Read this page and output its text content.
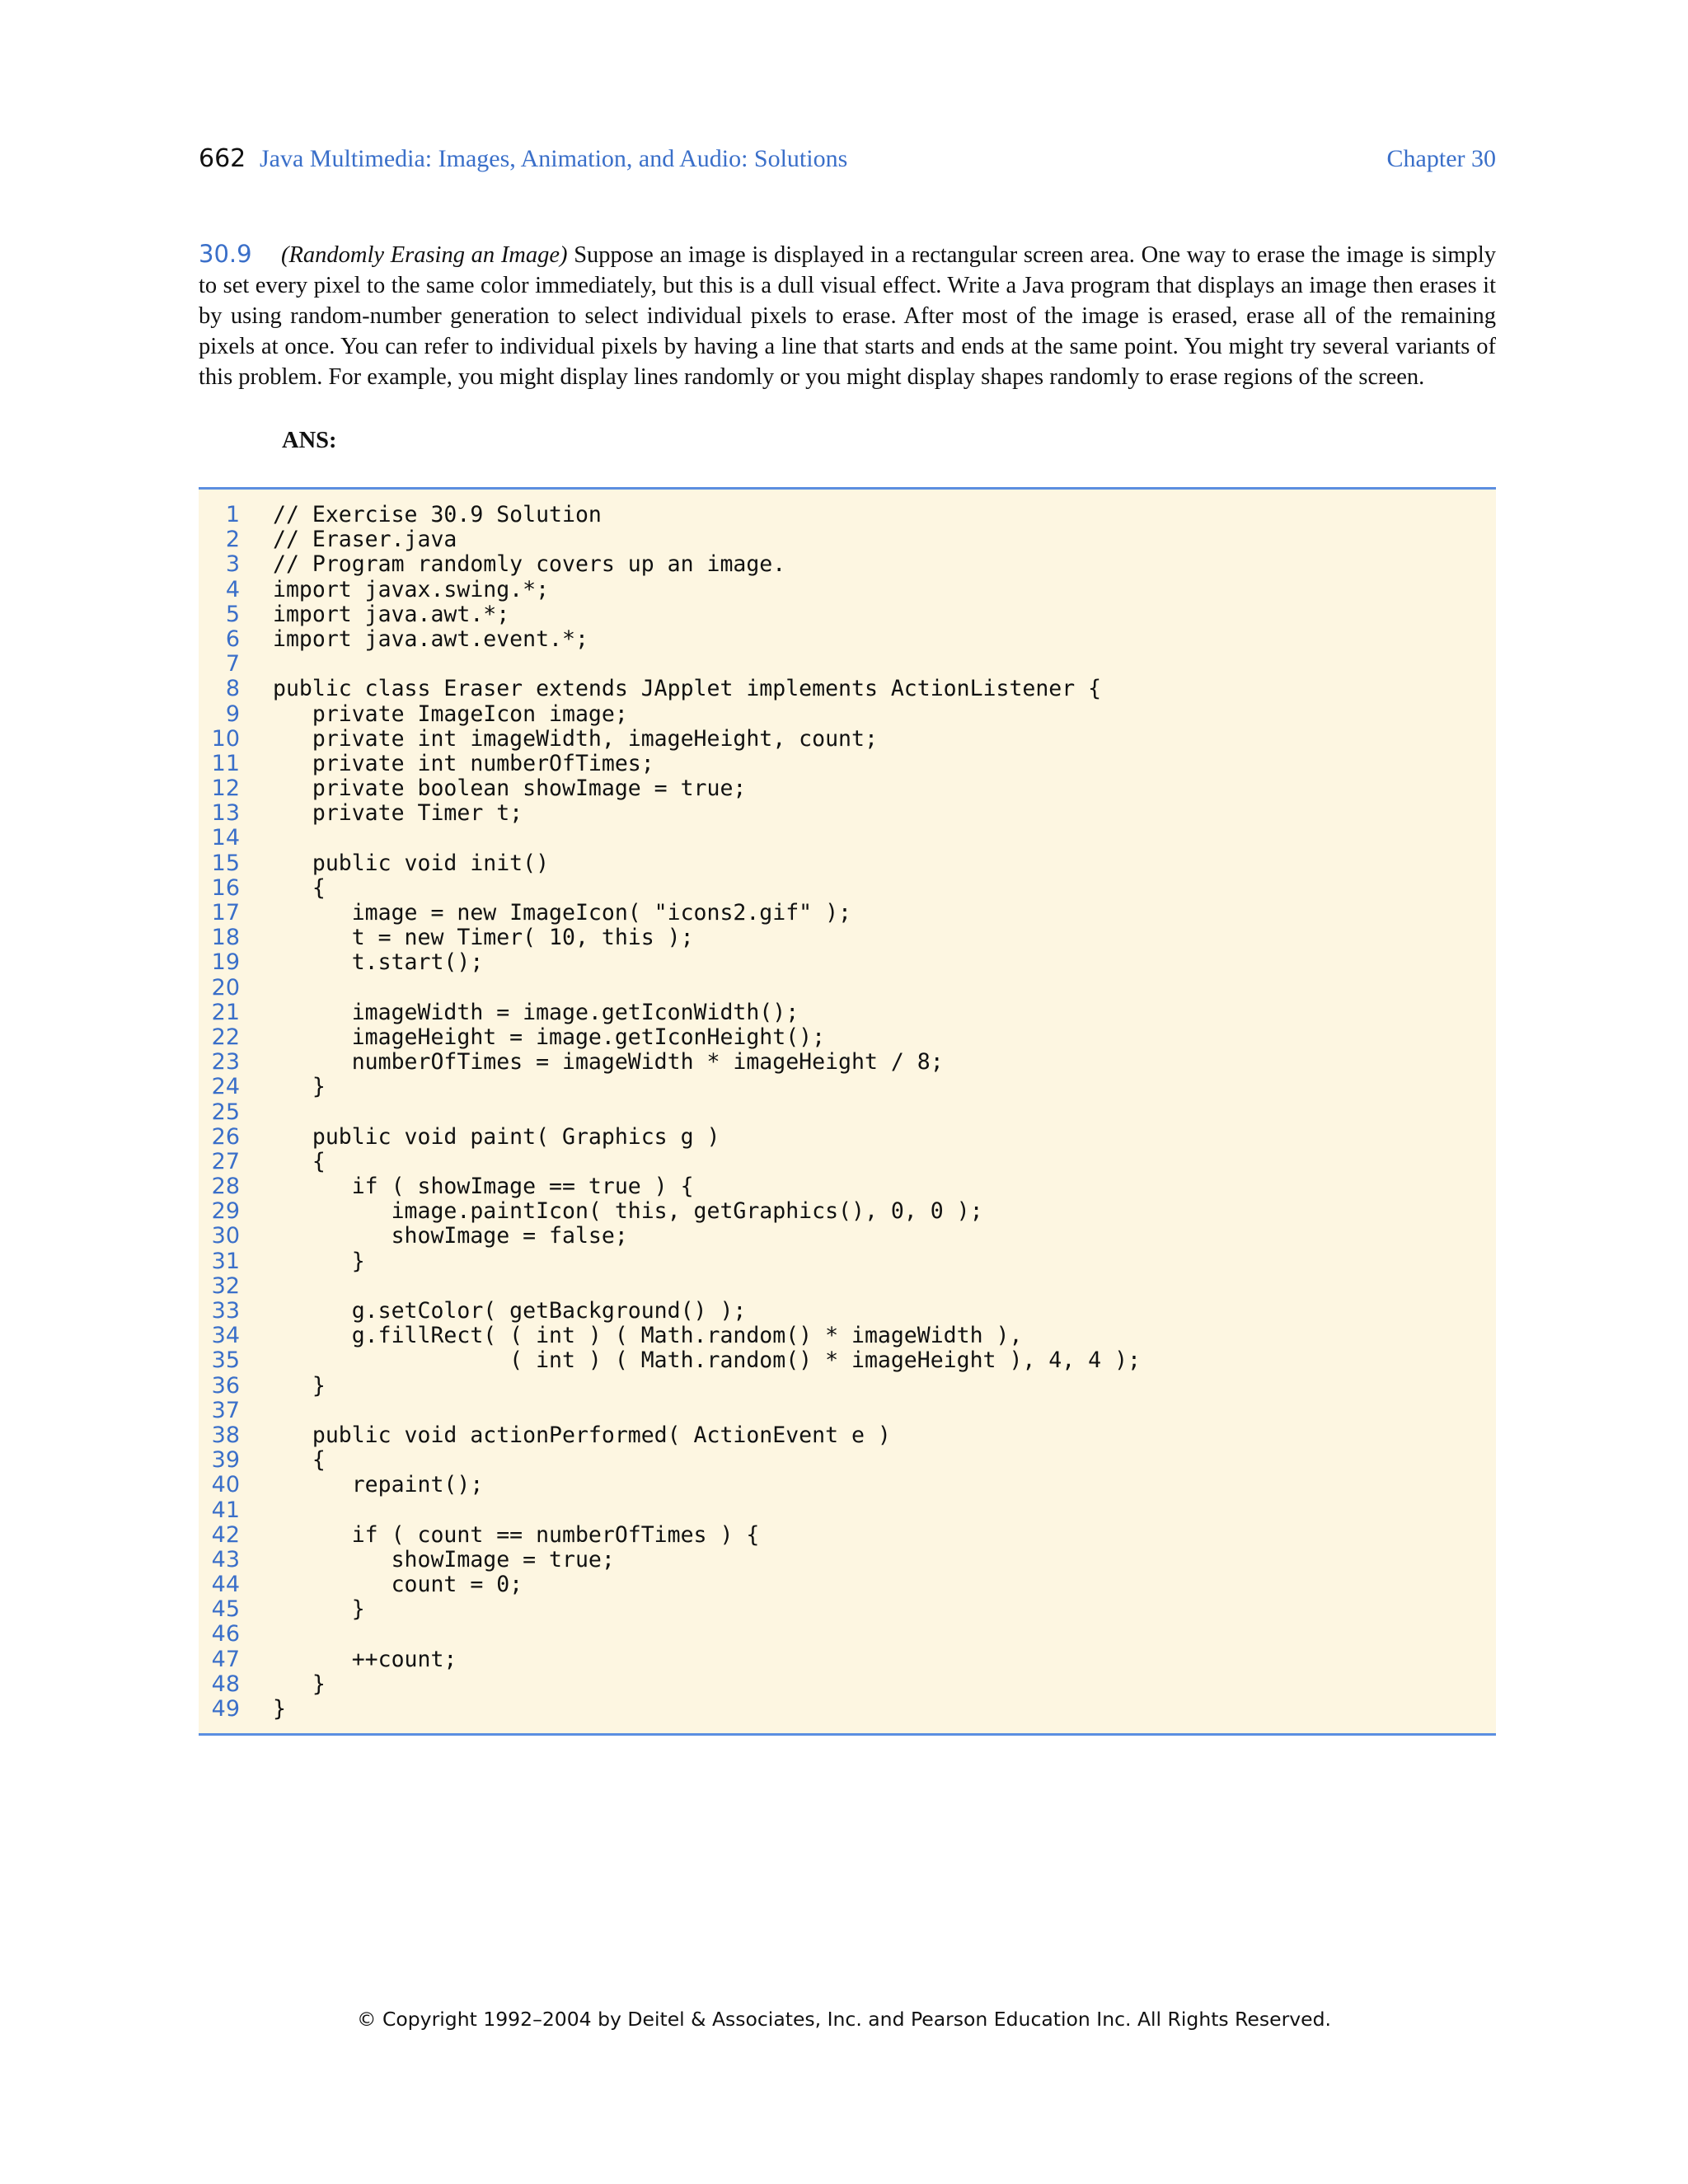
662 Java Multimedia: Images, Animation, and Audio: Solutions	Chapter 30
30.9 (Randomly Erasing an Image) Suppose an image is displayed in a rectangular screen area. One way to erase the image is simply to set every pixel to the same color immediately, but this is a dull visual effect. Write a Java program that displays an image then erases it by using random-number generation to select individual pixels to erase. After most of the image is erased, erase all of the remaining pixels at once. You can refer to individual pixels by having a line that starts and ends at the same point. You might try several variants of this problem. For example, you might display lines randomly or you might display shapes randomly to erase regions of the screen.
ANS:
1 // Exercise 30.9 Solution
2 // Eraser.java
3 // Program randomly covers up an image.
4 import javax.swing.*;
5 import java.awt.*;
6 import java.awt.event.*;
7
8 public class Eraser extends JApplet implements ActionListener {
9 private ImageIcon image;
10 private int imageWidth, imageHeight, count;
11 private int numberOfTimes;
12 private boolean showImage = true;
13 private Timer t;
14
15 public void init()
16 {
17 image = new ImageIcon( "icons2.gif" );
18 t = new Timer( 10, this );
19 t.start();
20
21 imageWidth = image.getIconWidth();
22 imageHeight = image.getIconHeight();
23 numberOfTimes = imageWidth * imageHeight / 8;
24 }
25
26 public void paint( Graphics g )
27 {
28 if ( showImage == true ) {
29 image.paintIcon( this, getGraphics(), 0, 0 );
30 showImage = false;
31 }
32
33 g.setColor( getBackground() );
34 g.fillRect( ( int ) ( Math.random() * imageWidth ),
35 ( int ) ( Math.random() * imageHeight ), 4, 4 );
36 }
37
38 public void actionPerformed( ActionEvent e )
39 {
40 repaint();
41
42 if ( count == numberOfTimes ) {
43 showImage = true;
44 count = 0;
45 }
46
47 ++count;
48 }
49 }
© Copyright 1992–2004 by Deitel & Associates, Inc. and Pearson Education Inc. All Rights Reserved.
